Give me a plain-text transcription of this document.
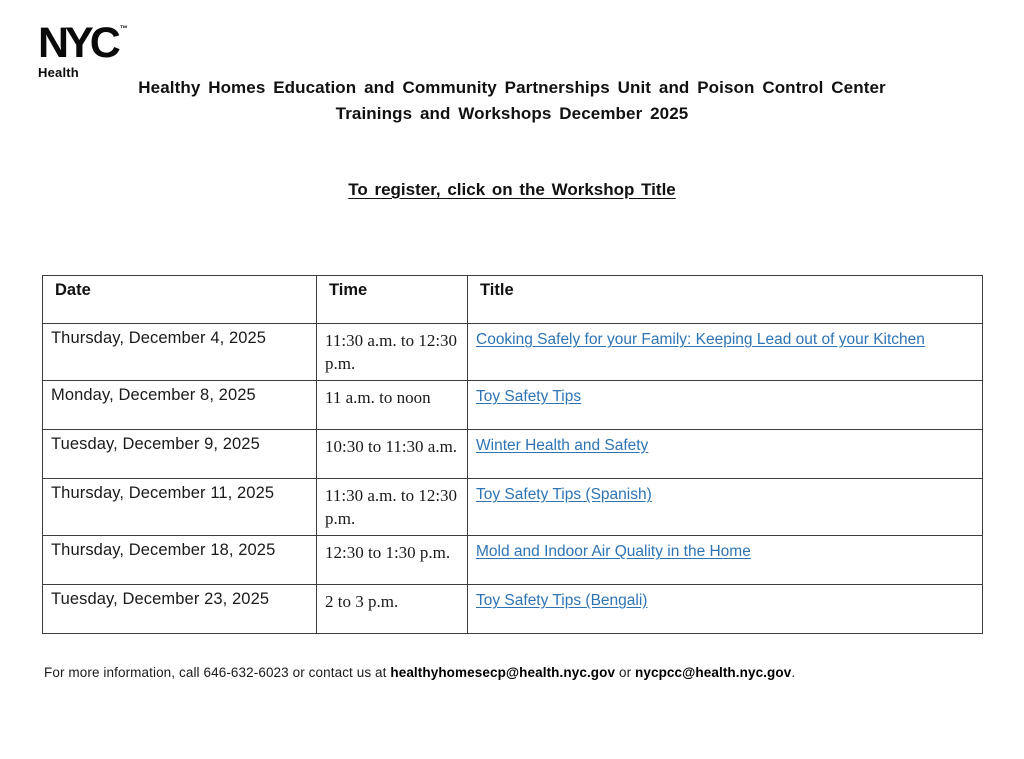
NYC ™
Health
Healthy Homes Education and Community Partnerships Unit and Poison Control Center
Trainings and Workshops December 2025
To register, click on the Workshop Title
Date	Time	Title
Thursday, December 4, 2025	11:30 a.m. to 12:30 p.m.	Cooking Safely for your Family: Keeping Lead out of your Kitchen
Monday, December 8, 2025	11 a.m. to noon	Toy Safety Tips
Tuesday, December 9, 2025	10:30 to 11:30 a.m.	Winter Health and Safety
Thursday, December 11, 2025	11:30 a.m. to 12:30 p.m.	Toy Safety Tips (Spanish)
Thursday, December 18, 2025	12:30 to 1:30 p.m.	Mold and Indoor Air Quality in the Home
Tuesday, December 23, 2025	2 to 3 p.m.	Toy Safety Tips (Bengali)
For more information, call 646-632-6023 or contact us at healthyhomesecp@health.nyc.gov or nycpcc@health.nyc.gov.
